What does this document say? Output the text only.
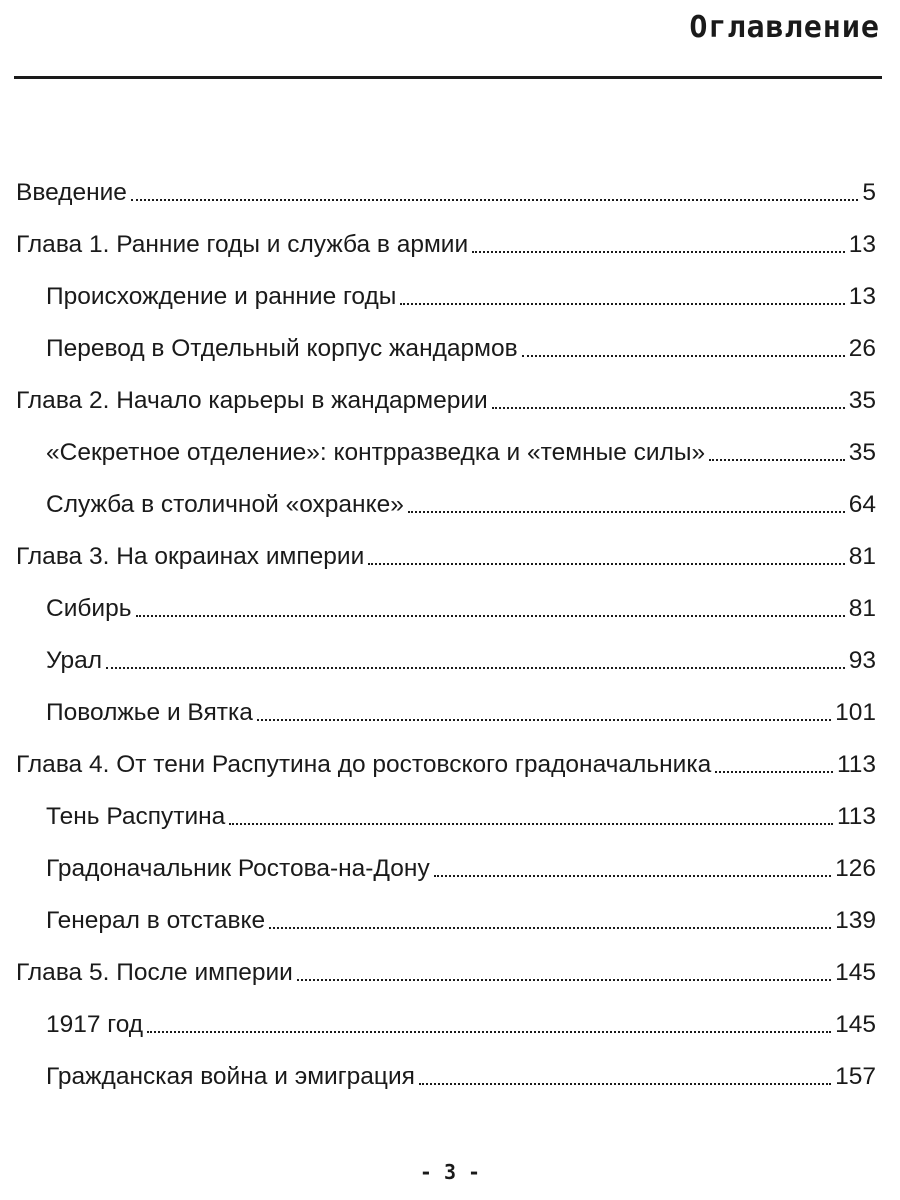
Оглавление
Введение	5
Глава 1. Ранние годы и служба в армии	13
Происхождение и ранние годы	13
Перевод в Отдельный корпус жандармов	26
Глава 2. Начало карьеры в жандармерии	35
«Секретное отделение»: контрразведка и «темные силы»	35
Служба в столичной «охранке»	64
Глава 3. На окраинах империи	81
Сибирь	81
Урал	93
Поволжье и Вятка	101
Глава 4. От тени Распутина до ростовского градоначальника	113
Тень Распутина	113
Градоначальник Ростова-на-Дону	126
Генерал в отставке	139
Глава 5. После империи	145
1917 год	145
Гражданская война и эмиграция	157
- 3 -
